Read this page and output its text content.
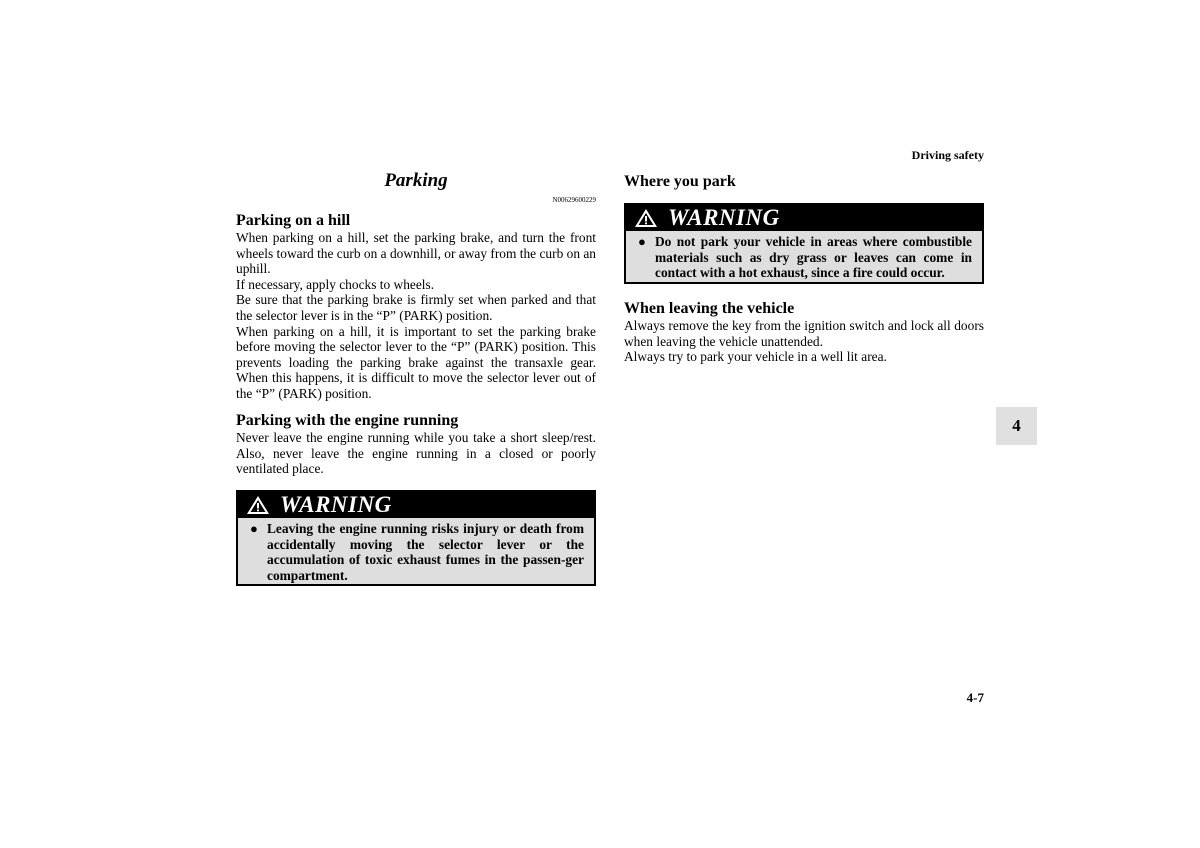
Driving safety
Parking
N00629600229

Parking on a hill

When parking on a hill, set the parking brake, and turn the front wheels toward the curb on a downhill, or away from the curb on an uphill.

If necessary, apply chocks to wheels.

Be sure that the parking brake is firmly set when parked and that the selector lever is in the “P” (PARK) position.

When parking on a hill, it is important to set the parking brake before moving the selector lever to the “P” (PARK) position. This prevents loading the parking brake against the transaxle gear. When this happens, it is difficult to move the selector lever out of the “P” (PARK) position.

Parking with the engine running

Never leave the engine running while you take a short sleep/rest. Also, never leave the engine running in a closed or poorly ventilated place.

WARNING
● Leaving the engine running risks injury or death from accidentally moving the selector lever or the accumulation of toxic exhaust fumes in the passen-ger compartment.

Where you park

WARNING
● Do not park your vehicle in areas where combustible materials such as dry grass or leaves can come in contact with a hot exhaust, since a fire could occur.

When leaving the vehicle

Always remove the key from the ignition switch and lock all doors when leaving the vehicle unattended.

Always try to park your vehicle in a well lit area.

4
4-7
